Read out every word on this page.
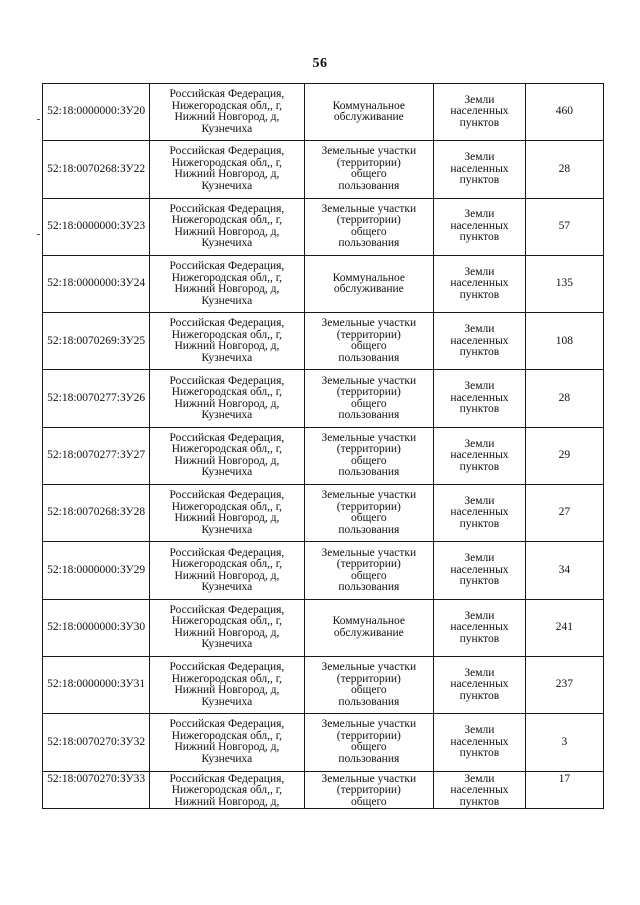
56
52:18:0000000:ЗУ20	Российская Федерация,
Нижегородская обл,, г,
Нижний Новгород, д,
Кузнечиха	Коммунальное
обслуживание	Земли
населенных
пунктов	460
52:18:0070268:ЗУ22	Российская Федерация,
Нижегородская обл,, г,
Нижний Новгород, д,
Кузнечиха	Земельные участки
(территории)
общего
пользования	Земли
населенных
пунктов	28
52:18:0000000:ЗУ23	Российская Федерация,
Нижегородская обл,, г,
Нижний Новгород, д,
Кузнечиха	Земельные участки
(территории)
общего
пользования	Земли
населенных
пунктов	57
52:18:0000000:ЗУ24	Российская Федерация,
Нижегородская обл,, г,
Нижний Новгород, д,
Кузнечиха	Коммунальное
обслуживание	Земли
населенных
пунктов	135
52:18:0070269:ЗУ25	Российская Федерация,
Нижегородская обл,, г,
Нижний Новгород, д,
Кузнечиха	Земельные участки
(территории)
общего
пользования	Земли
населенных
пунктов	108
52:18:0070277:ЗУ26	Российская Федерация,
Нижегородская обл,, г,
Нижний Новгород, д,
Кузнечиха	Земельные участки
(территории)
общего
пользования	Земли
населенных
пунктов	28
52:18:0070277:ЗУ27	Российская Федерация,
Нижегородская обл,, г,
Нижний Новгород, д,
Кузнечиха	Земельные участки
(территории)
общего
пользования	Земли
населенных
пунктов	29
52:18:0070268:ЗУ28	Российская Федерация,
Нижегородская обл,, г,
Нижний Новгород, д,
Кузнечиха	Земельные участки
(территории)
общего
пользования	Земли
населенных
пунктов	27
52:18:0000000:ЗУ29	Российская Федерация,
Нижегородская обл,, г,
Нижний Новгород, д,
Кузнечиха	Земельные участки
(территории)
общего
пользования	Земли
населенных
пунктов	34
52:18:0000000:ЗУ30	Российская Федерация,
Нижегородская обл,, г,
Нижний Новгород, д,
Кузнечиха	Коммунальное
обслуживание	Земли
населенных
пунктов	241
52:18:0000000:ЗУ31	Российская Федерация,
Нижегородская обл,, г,
Нижний Новгород, д,
Кузнечиха	Земельные участки
(территории)
общего
пользования	Земли
населенных
пунктов	237
52:18:0070270:ЗУ32	Российская Федерация,
Нижегородская обл,, г,
Нижний Новгород, д,
Кузнечиха	Земельные участки
(территории)
общего
пользования	Земли
населенных
пунктов	3
52:18:0070270:ЗУ33	Российская Федерация,
Нижегородская обл,, г,
Нижний Новгород, д,	Земельные участки
(территории)
общего	Земли
населенных
пунктов	17
